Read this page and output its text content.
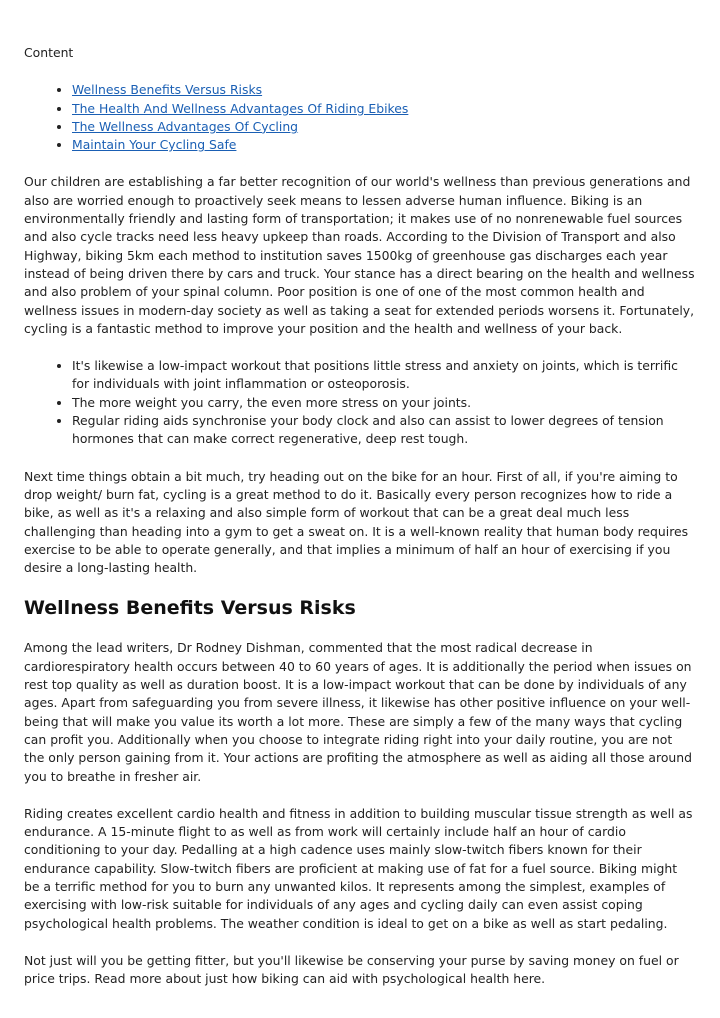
Content

• Wellness Benefits Versus Risks
• The Health And Wellness Advantages Of Riding Ebikes
• The Wellness Advantages Of Cycling
• Maintain Your Cycling Safe

Our children are establishing a far better recognition of our world's wellness than previous generations and also are worried enough to proactively seek means to lessen adverse human influence. Biking is an environmentally friendly and lasting form of transportation; it makes use of no nonrenewable fuel sources and also cycle tracks need less heavy upkeep than roads. According to the Division of Transport and also Highway, biking 5km each method to institution saves 1500kg of greenhouse gas discharges each year instead of being driven there by cars and truck. Your stance has a direct bearing on the health and wellness and also problem of your spinal column. Poor position is one of one of the most common health and wellness issues in modern-day society as well as taking a seat for extended periods worsens it. Fortunately, cycling is a fantastic method to improve your position and the health and wellness of your back.

• It's likewise a low-impact workout that positions little stress and anxiety on joints, which is terrific for individuals with joint inflammation or osteoporosis.
• The more weight you carry, the even more stress on your joints.
• Regular riding aids synchronise your body clock and also can assist to lower degrees of tension hormones that can make correct regenerative, deep rest tough.

Next time things obtain a bit much, try heading out on the bike for an hour. First of all, if you're aiming to drop weight/ burn fat, cycling is a great method to do it. Basically every person recognizes how to ride a bike, as well as it's a relaxing and also simple form of workout that can be a great deal much less challenging than heading into a gym to get a sweat on. It is a well-known reality that human body requires exercise to be able to operate generally, and that implies a minimum of half an hour of exercising if you desire a long-lasting health.

Wellness Benefits Versus Risks

Among the lead writers, Dr Rodney Dishman, commented that the most radical decrease in cardiorespiratory health occurs between 40 to 60 years of ages. It is additionally the period when issues on rest top quality as well as duration boost. It is a low-impact workout that can be done by individuals of any ages. Apart from safeguarding you from severe illness, it likewise has other positive influence on your well-being that will make you value its worth a lot more. These are simply a few of the many ways that cycling can profit you. Additionally when you choose to integrate riding right into your daily routine, you are not the only person gaining from it. Your actions are profiting the atmosphere as well as aiding all those around you to breathe in fresher air.

Riding creates excellent cardio health and fitness in addition to building muscular tissue strength as well as endurance. A 15-minute flight to as well as from work will certainly include half an hour of cardio conditioning to your day. Pedalling at a high cadence uses mainly slow-twitch fibers known for their endurance capability. Slow-twitch fibers are proficient at making use of fat for a fuel source. Biking might be a terrific method for you to burn any unwanted kilos. It represents among the simplest, examples of exercising with low-risk suitable for individuals of any ages and cycling daily can even assist coping psychological health problems. The weather condition is ideal to get on a bike as well as start pedaling.

Not just will you be getting fitter, but you'll likewise be conserving your purse by saving money on fuel or price trips. Read more about just how biking can aid with psychological health here.
